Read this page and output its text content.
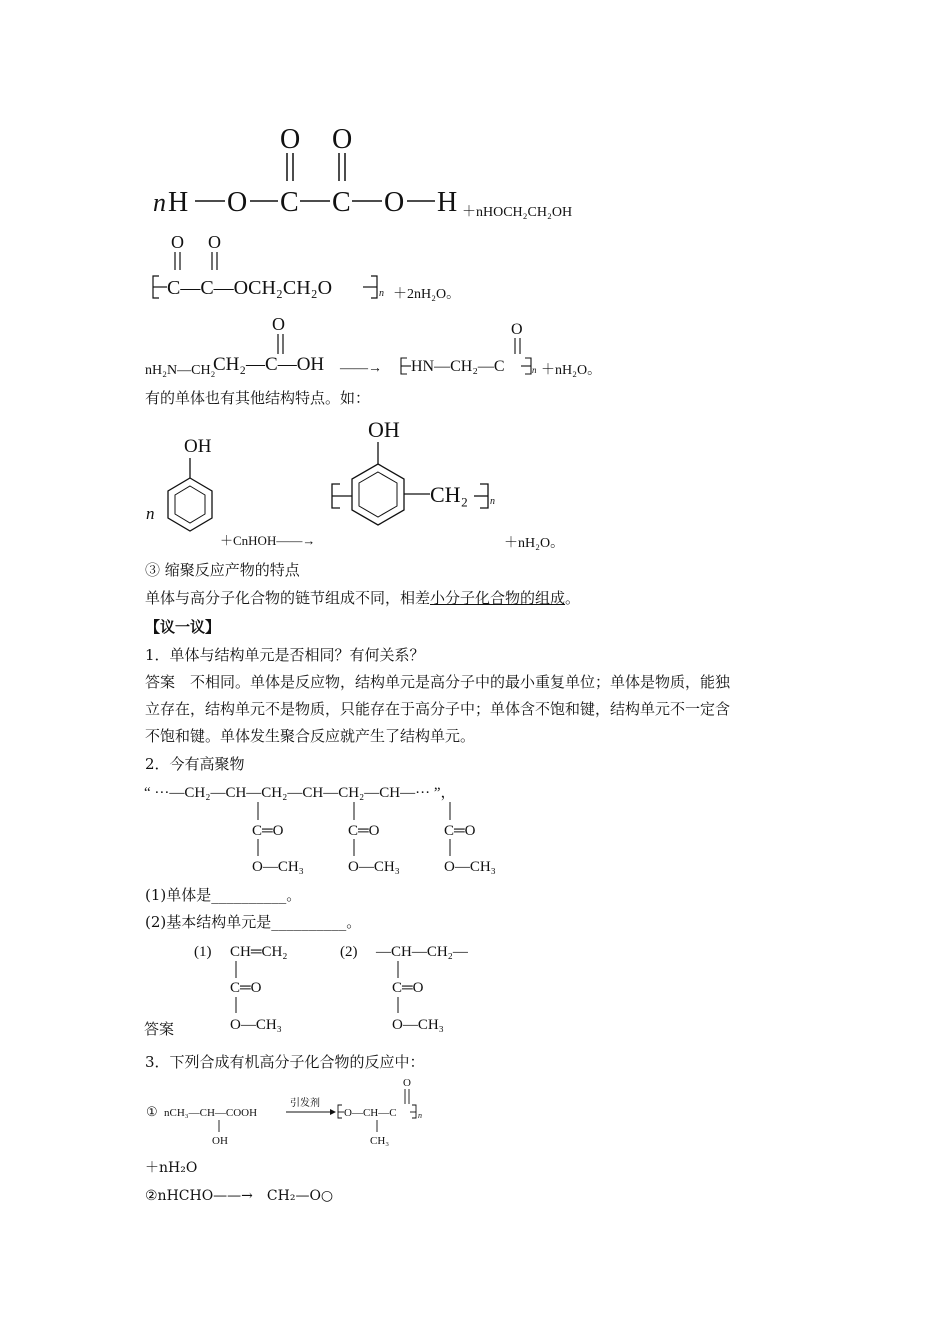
n H O C C O H
O O
＋nHOCH₂CH₂OH
O O
C—C—OCH₂CH₂O	n ＋2nH₂O。
nH₂N—CH₂
CH₂—C—OH
O
——→ HN—CH₂—C
O
n ＋nH₂O。
有的单体也有其他结构特点。如：
n
OH
＋CnHOH——→
OH
CH₂ n
＋nH₂O。
③ 缩聚反应产物的特点
单体与高分子化合物的链节组成不同，相差小分子化合物的组成。
【议一议】
1．单体与结构单元是否相同？有何关系？
答案　不相同。单体是反应物，结构单元是高分子中的最小重复单位；单体是物质，能独
立存在，结构单元不是物质，只能存在于高分子中；单体含不饱和键，结构单元不一定含
不饱和键。单体发生聚合反应就产生了结构单元。
2．今有高聚物
“ ···—CH₂—CH—CH₂—CH—CH₂—CH—··· ”，
C═O
O—CH₃
C═O
O—CH₃
C═O
O—CH₃
(1)单体是__________。
(2)基本结构单元是__________。
答案
(1) CH═CH₂
C═O
O—CH₃
(2) —CH—CH₂—
C═O
O—CH₃
3．下列合成有机高分子化合物的反应中：
① nCH₃—CH—COOH
OH
引发剂
O—CH—C
O
n
CH₃
＋nH₂O
②nHCHO——→　CH₂—O○
